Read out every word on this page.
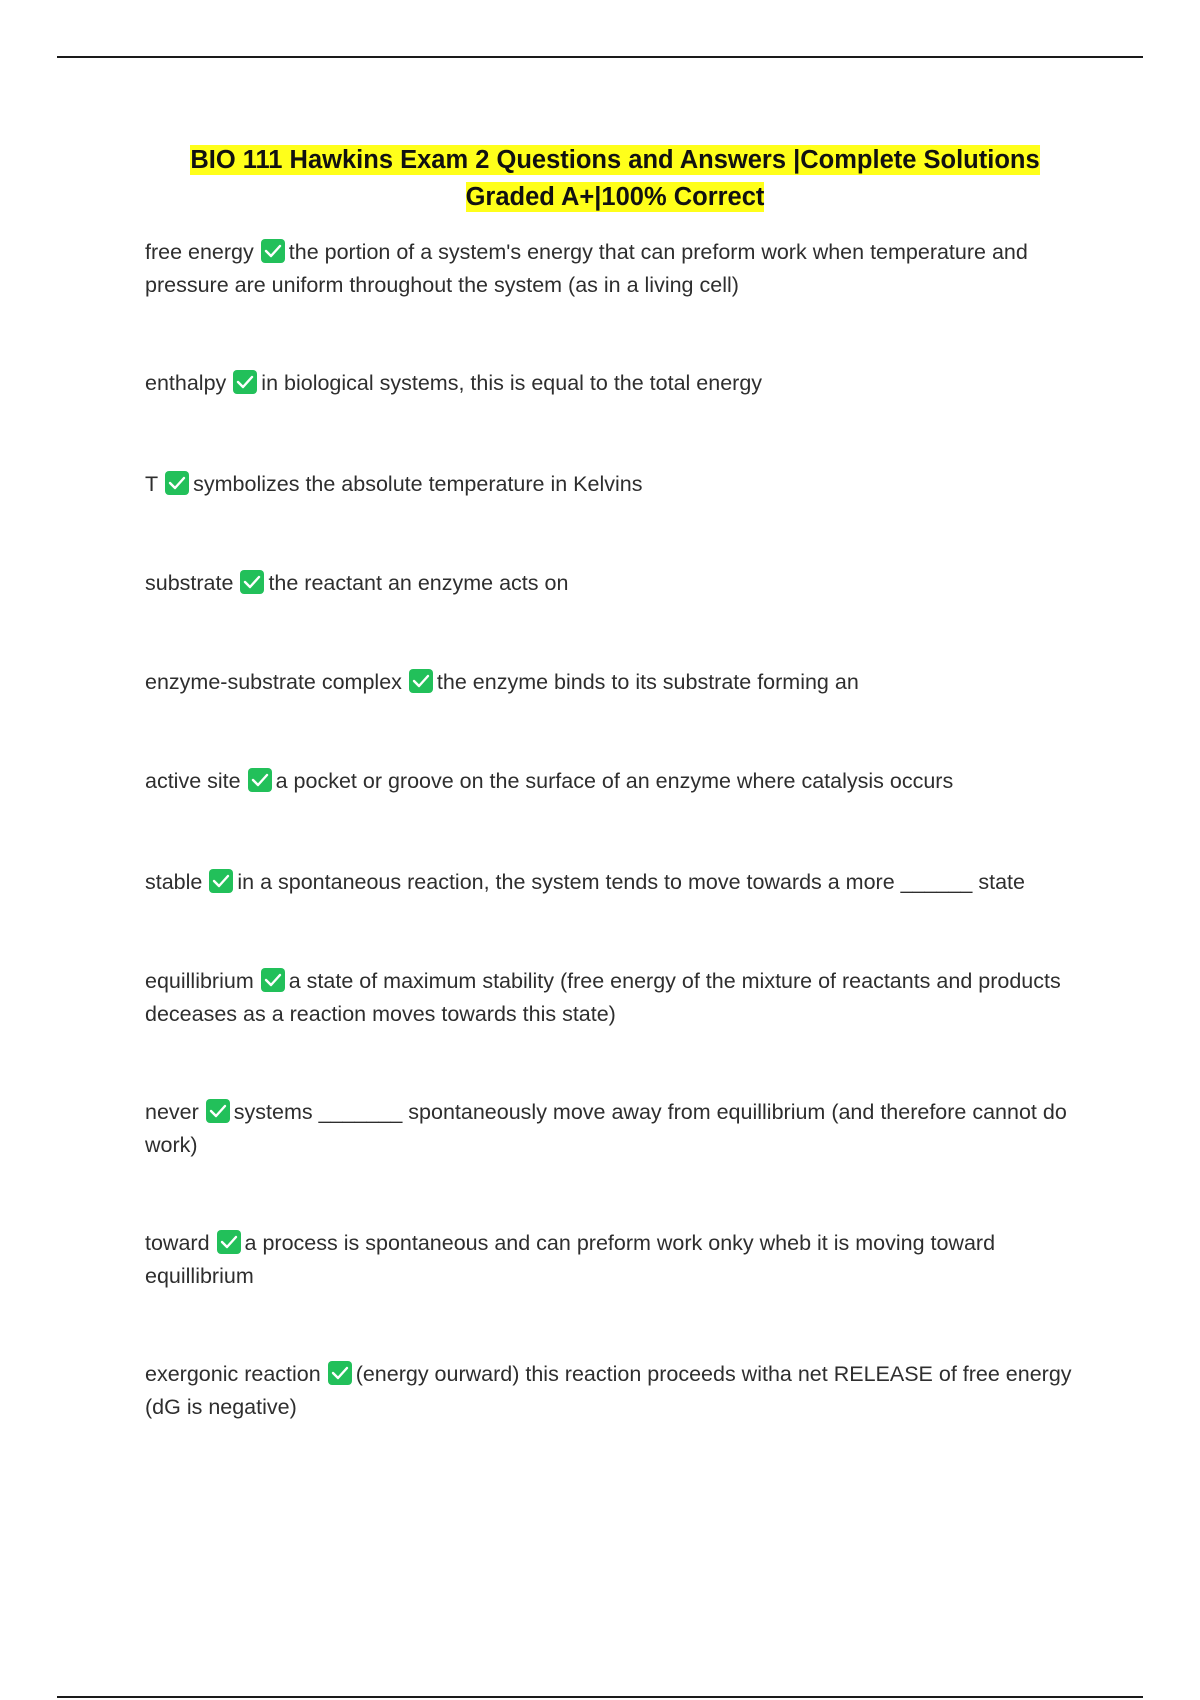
BIO 111 Hawkins Exam 2 Questions and Answers |Complete Solutions Graded A+|100% Correct
free energy the portion of a system's energy that can preform work when temperature and pressure are uniform throughout the system (as in a living cell)
enthalpy in biological systems, this is equal to the total energy
T symbolizes the absolute temperature in Kelvins
substrate the reactant an enzyme acts on
enzyme-substrate complex the enzyme binds to its substrate forming an
active site a pocket or groove on the surface of an enzyme where catalysis occurs
stable in a spontaneous reaction, the system tends to move towards a more ______ state
equillibrium a state of maximum stability (free energy of the mixture of reactants and products deceases as a reaction moves towards this state)
never systems _______ spontaneously move away from equillibrium (and therefore cannot do work)
toward a process is spontaneous and can preform work onky wheb it is moving toward equillibrium
exergonic reaction (energy ourward) this reaction proceeds witha net RELEASE of free energy (dG is negative)
